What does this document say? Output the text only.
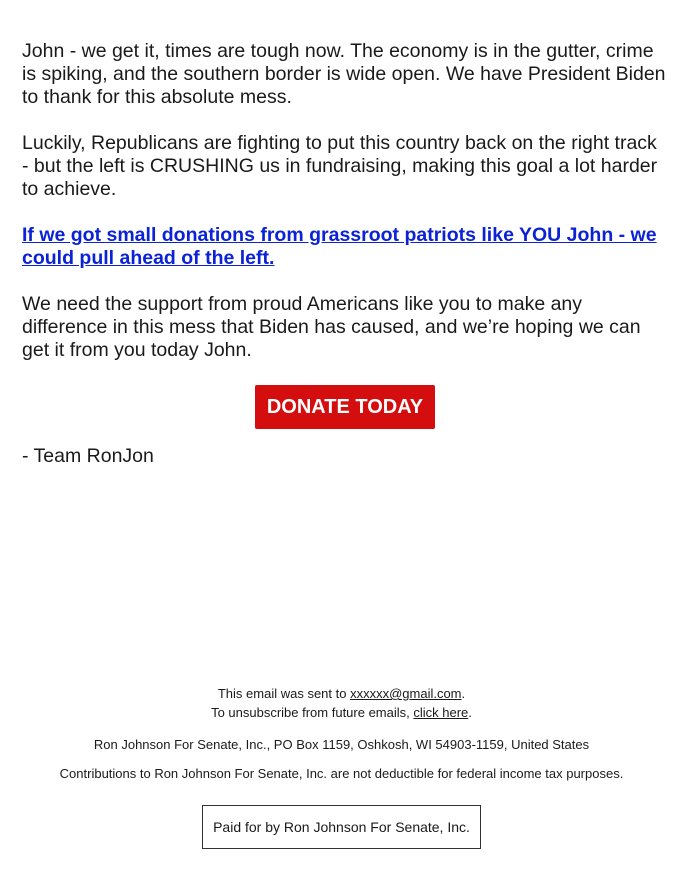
John - we get it, times are tough now. The economy is in the gutter, crime is spiking, and the southern border is wide open. We have President Biden to thank for this absolute mess.

Luckily, Republicans are fighting to put this country back on the right track - but the left is CRUSHING us in fundraising, making this goal a lot harder to achieve.

If we got small donations from grassroot patriots like YOU John - we could pull ahead of the left.

We need the support from proud Americans like you to make any difference in this mess that Biden has caused, and we’re hoping we can get it from you today John.

DONATE TODAY
- Team RonJon
This email was sent to xxxxxx@gmail.com.
To unsubscribe from future emails, click here.
Ron Johnson For Senate, Inc., PO Box 1159, Oshkosh, WI 54903-1159, United States
Contributions to Ron Johnson For Senate, Inc. are not deductible for federal income tax purposes.
Paid for by Ron Johnson For Senate, Inc.
